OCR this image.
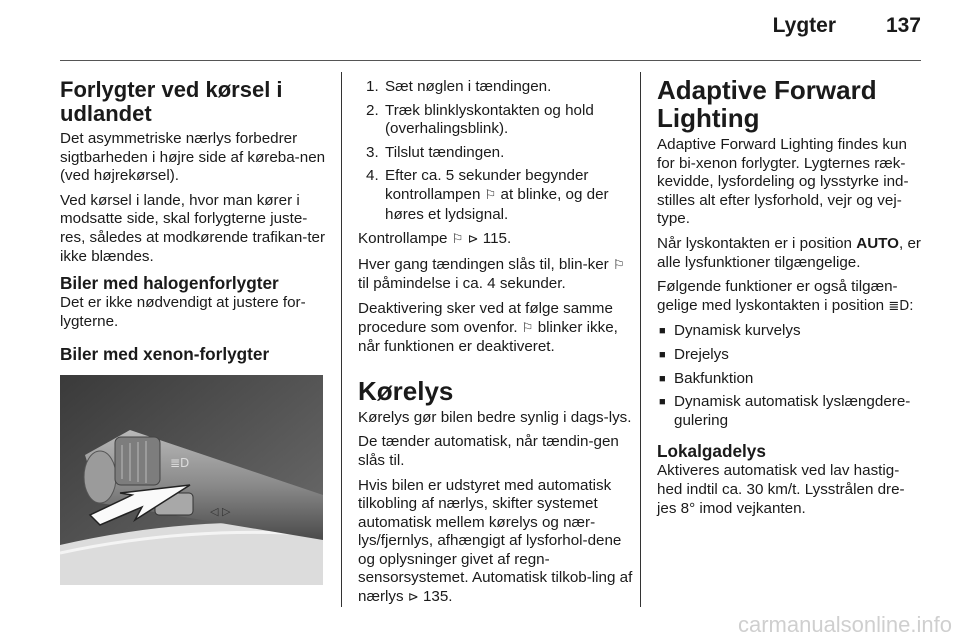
Lygter 137
Forlygter ved kørsel i udlandet

Det asymmetriske nærlys forbedrer sigtbarheden i højre side af køreba-nen (ved højrekørsel).

Ved kørsel i lande, hvor man kører i modsatte side, skal forlygterne juste-res, således at modkørende trafikan-ter ikke blændes.

Biler med halogenforlygter

Det er ikke nødvendigt at justere for-lygterne.

Biler med xenon-forlygter
≣D
◁ ▷
1. Sæt nøglen i tændingen.
2. Træk blinklyskontakten og hold (overhalingsblink).
3. Tilslut tændingen.
4. Efter ca. 5 sekunder begynder kontrollampen ⚐ at blinke, og der høres et lydsignal.

Kontrollampe ⚐ ⊳ 115.

Hver gang tændingen slås til, blin-ker ⚐ til påmindelse i ca. 4 sekunder.

Deaktivering sker ved at følge samme procedure som ovenfor. ⚐ blinker ikke, når funktionen er deaktiveret.

Kørelys

Kørelys gør bilen bedre synlig i dags-lys.

De tænder automatisk, når tændin-gen slås til.

Hvis bilen er udstyret med automatisk tilkobling af nærlys, skifter systemet automatisk mellem kørelys og nær-lys/fjernlys, afhængigt af lysforhol-dene og oplysninger givet af regn-sensorsystemet. Automatisk tilkob-ling af nærlys ⊳ 135.

Adaptive Forward Lighting

Adaptive Forward Lighting findes kun for bi-xenon forlygter. Lygternes ræk-kevidde, lysfordeling og lysstyrke ind-stilles alt efter lysforhold, vejr og vej-type.

Når lyskontakten er i position AUTO, er alle lysfunktioner tilgængelige.

Følgende funktioner er også tilgæn-gelige med lyskontakten i position ≣D:

■ Dynamisk kurvelys
■ Drejelys
■ Bakfunktion
■ Dynamisk automatisk lyslængdere-gulering
Lokalgadelys

Aktiveres automatisk ved lav hastig-hed indtil ca. 30 km/t. Lysstrålen dre-jes 8° imod vejkanten.

carmanualsonline.info
